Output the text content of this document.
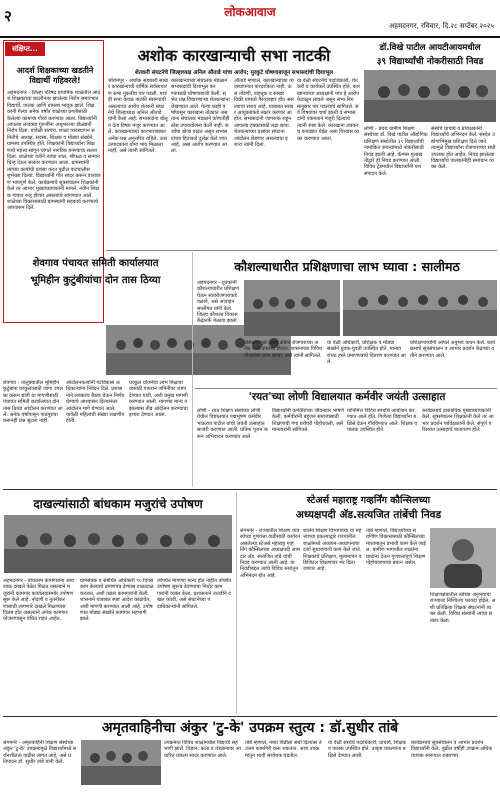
२	लोकआवाज
अहमदनगर, रविवार, दि.२८ सप्टेंबर २०२५
संक्षिप्त...
आदर्श शिक्षकाच्या खडतीने विद्यार्थी गहिवरले!
अहमदनगर - जिल्हा परिषद प्राथमिक शाळेतील आदर्श शिक्षकाच्या बदलीनंतर झालेल्या निरोप समारंभात विद्यार्थी, पालक आणि ग्रामस्थ भावूक झाले. शिक्षकांनी गेल्या अनेक वर्षांत शाळेच्या प्रगतीसाठी केलेल्या कामाचा गौरव करण्यात आला. विद्यार्थ्यांनी आपल्या लाडक्या गुरुजींना अश्रूभरल्या डोळ्यांनी निरोप दिला. यावेळी सरपंच, शाळा व्यवस्थापन समितीचे अध्यक्ष, सदस्य, शिक्षक व मोठ्या संख्येने ग्रामस्थ उपस्थित होते. शिक्षकांनी विद्यार्थ्यांना शिक्षणाचे महत्त्व सांगून चांगले नागरिक बनण्याचा सल्ला दिला. शाळेच्या वतीने त्यांचा शाल, श्रीफळ व सन्मानचिन्ह देऊन सत्कार करण्यात आला. ग्रामस्थांनी त्यांच्या कार्याची प्रशंसा करत पुढील वाटचालीस शुभेच्छा दिल्या. विद्यार्थ्यांनी गीत सादर करून वातावरण भावपूर्ण केले. कार्यक्रमाचे सूत्रसंचालन शिक्षकांनी केले तर आभार मुख्याध्यापकांनी मानले. नवीन शिक्षक गावात रुजू होणार असल्याचे सांगण्यात आले. शाळेच्या विकासासाठी ग्रामस्थांनी सहकार्य करण्याचे आश्वासन दिले.
अशोक कारखान्याची सभा नाटकी
शेतकरी संघटनेचे जिल्हाध्यक्ष अनिल औताडे यांचा आरोप; मुरकुटे घोषणाबाजून सभासदांची दिशाभूल
श्रीरामपूर - अशोक सहकारी साखर कारखान्याची वार्षिक सर्वसाधारण सभा नुकतीच पार पडली. मात्र ही सभा केवळ नाटकी स्वरूपाची असल्याचा आरोप शेतकरी संघटनेचे जिल्हाध्यक्ष अनिल औताडे यांनी केला आहे. सभासदांना बोलू न देता विषय मंजूर करण्यात आले. कारखान्याच्या कारभाराबाबत अनेक प्रश्न अनुत्तरित राहिले. ऊस उत्पादकांना योग्य भाव मिळाला नाही, असे त्यांनी सांगितले.
कारखान्याच्या संचालक मंडळाने सभासदांची दिशाभूल करण्यासाठी घोषणाबाजी केली. सभेत प्रश्न विचारणाऱ्या शेतकऱ्यांना रोखण्यात आले. गेल्या काही वर्षांपासून कारखाना तोट्यात असताना संचालक मंडळाने कोणतीही ठोस उपाययोजना केली नाही. कर्जाचा बोजा वाढत असून सभासदांच्या हिताकडे दुर्लक्ष केले जात आहे, असा आरोप करण्यात आला.
औताडे म्हणाले, कारखान्याच्या व्यवस्थापनात पारदर्शकता नाही. ऊस तोडणी, वाहतूक व साखर विक्री यामध्ये गैरव्यवहार होत असल्याचा संशय आहे. याबाबत साखर आयुक्तांकडे तक्रार करणार आहोत. सभासदांनी जागरूक राहून आपल्या हक्कांसाठी लढा द्यावा. शेतकऱ्यांच्या प्रश्नांवर संघटना आंदोलन छेडणार असल्याचा इशारा त्यांनी दिला.
या वेळी संघटनेचे पदाधिकारी, शेतकरी व कार्यकर्ते उपस्थित होते. कारखान्याच्या अध्यक्षांनी मात्र हे आरोप फेटाळून लावले असून सभा नियमानुसार पार पडल्याचे सांगितले. सर्व विषयांवर चर्चा झाली व सभासदांनी एकमताने मंजुरी दिल्याचे त्यांनी स्पष्ट केले. कारखाना लवकरच फायद्यात येईल असा विश्वास व्यक्त करण्यात आला.
डॉ.विखे पाटील आयटीआयमधील
३९ विद्यार्थ्यांची नोकरीसाठी निवड
लोणी - प्रवरा ग्रामीण शिक्षण संस्थेच्या डॉ. विखे पाटील औद्योगिक प्रशिक्षण संस्थेतील ३९ विद्यार्थ्यांची नामांकित कंपन्यांमध्ये नोकरीसाठी निवड झाली आहे. कॅम्पस मुलाखतीद्वारे ही निवड करण्यात आली. विविध ट्रेडमधील विद्यार्थ्यांनी यश संपादन केले.
संस्थेचे प्राचार्य व प्रशिक्षकांनी विद्यार्थ्यांचे अभिनंदन केले. संस्थेत उद्योगाभिमुख प्रशिक्षण दिले जाते त्यामुळे विद्यार्थ्यांना रोजगाराच्या संधी उपलब्ध होत आहेत. निवड झालेल्या विद्यार्थ्यांचे पालकांनीही समाधान व्यक्त केले.
शेवगाव पंचायत समिती कार्यालयात
भूमिहीन कुटुंबीयांचा दोन तास ठिय्या
शेवगाव - तालुक्यातील भूमिहीन कुटुंबांना घरकुलासाठी जागा उपलब्ध करून द्यावी या मागणीसाठी पंचायत समिती कार्यालयात दोन तास ठिय्या आंदोलन करण्यात आले. अनेक वर्षांपासून पाठपुरावा करूनही प्रश्न सुटला नाही.
आंदोलनकर्त्यांनी गटविकास अधिकाऱ्यांना निवेदन दिले. प्रशासनाने लवकरच बैठक घेऊन निर्णय घेण्याचे आश्वासन दिल्यानंतर आंदोलन मागे घेण्यात आले. यावेळी महिलांची संख्या लक्षणीय होती.
घरकुल योजनेचा लाभ मिळावा यासाठी गायरान जमिनीवर जागा देण्यात यावी, अशी प्रमुख मागणी करण्यात आली. मागण्या मान्य न झाल्यास तीव्र आंदोलन करण्याचा इशारा देण्यात आला.
कौशल्याधारीत प्रशिक्षणाचा लाभ घ्यावा : सालीमठ
अहमदनगर - युवकांनी कौशल्याधारीत प्रशिक्षण घेऊन स्वयंरोजगाराकडे वळावे, असे आवाहन सालीमठ यांनी केले. जिल्हा कौशल्य विकास केंद्रातर्फे मेळावा झाला.
प्रशिक्षणामुळे उद्योग क्षेत्रात रोजगाराच्या अनेक संधी उपलब्ध होतात. शासनाच्या विविध योजनांचा लाभ घ्यावा, असे त्यांनी सांगितले.
या वेळी अधिकारी, प्रशिक्षक व मोठ्या संख्येने युवक-युवती उपस्थित होते. मान्यवरांच्या हस्ते प्रमाणपत्रांचे वितरण करण्यात आले.
प्रशिक्षणार्थ्यांनी आपले अनुभव कथन केले. कार्यक्रमाचे सूत्रसंचालन व आभार प्रदर्शन केंद्राच्या वतीने करण्यात आले.
'रयत'च्या लोणी विद्यालयात कर्मवीर जयंती उत्साहात
लोणी - रयत शिक्षण संस्थेच्या लोणी येथील विद्यालयात पद्मभूषण कर्मवीर भाऊराव पाटील यांची जयंती उत्साहात साजरी करण्यात आली. प्रतिमा पूजन करून अभिवादन करण्यात आले.
विद्यार्थ्यांनी कर्मवीरांच्या जीवनावर भाषणे केली. कर्मवीरांनी बहुजन समाजासाठी शिक्षणाची गंगा घरोघरी पोहोचवली, असे मान्यवरांनी सांगितले.
यानिमित्त विविध स्पर्धांचे आयोजन करण्यात आले होते. विजेत्या विद्यार्थ्यांना बक्षिसे देऊन गौरविण्यात आले. शिक्षक व पालक उपस्थित होते.
कार्यक्रमाचे प्रास्ताविक मुख्याध्यापकांनी केले. सूत्रसंचालन शिक्षकांनी केले तर आभार प्रदर्शन पर्यवेक्षकांनी केले. संपूर्ण परिसरात उत्साहाचे वातावरण होते.
दाखल्यांसाठी बांधकाम मजुरांचे उपोषण
अहमदनगर - बांधकाम कामगारांना आवश्यक दाखले वेळेत मिळत नसल्याने मजुरांनी कामगार कार्यालयासमोर उपोषण सुरू केले आहे. नोंदणी व नूतनीकरणासाठी लागणारे दाखले मिळण्यास विलंब होत असल्याने अनेक कामगार योजनांपासून वंचित राहत आहेत.
ग्रामसेवक व संबंधित अधिकारी ९० दिवस काम केल्याचे प्रमाणपत्र देण्यास टाळाटाळ करतात, अशी तक्रार कामगारांनी केली. शासनाने याबाबत स्पष्ट आदेश काढावेत, अशी मागणी करण्यात आली आहे. उपोषणात मोठ्या संख्येने कामगार सहभागी झाले.
जोपर्यंत मागण्या मान्य होत नाहीत तोपर्यंत उपोषण सुरूच ठेवण्याचा निर्धार कामगारांनी व्यक्त केला. प्रशासनाने तातडीने दखल घ्यावी, असे संघटनेच्या पदाधिकाऱ्यांनी सांगितले.
स्टेअर्स महाराष्ट्र गव्हर्निंग कौन्सिलच्या
अध्यक्षपदी अ‍ॅड.सत्यजित तांबेंची निवड
संगमनेर - राज्यातील शिक्षण व्यवस्थेच्या गुणवत्ता वाढीसाठी कार्यरत असलेल्या स्टेअर्स महाराष्ट्र गव्हर्निंग कौन्सिलच्या अध्यक्षपदी आमदार अ‍ॅड. सत्यजित तांबे यांची निवड करण्यात आली आहे. या निवडीबद्दल त्यांचे विविध स्तरांतून अभिनंदन होत आहे.
शालेय शिक्षण विभागाच्या या महत्त्वाच्या प्रकल्पाद्वारे राज्यातील शाळांमध्ये अध्ययन-अध्यापनाचा दर्जा सुधारण्याचे काम केले जाते. शिक्षकांचे प्रशिक्षण, मूल्यमापन व डिजिटल शिक्षणावर भर दिला जाणार आहे.
तांबे म्हणाले, विद्यार्थ्यांच्या सर्वांगीण विकासासाठी कौन्सिलच्या माध्यमातून प्रभावी काम केले जाईल. ग्रामीण भागातील शाळांना प्राधान्य देऊन गुणवत्तापूर्ण शिक्षण पोहोचवण्याचा प्रयत्न असेल.
शिक्षणक्षेत्रातील त्यांच्या अनुभवाचा राज्याला निश्चितच फायदा होईल, अशी प्रतिक्रिया शिक्षक संघटनांनी व्यक्त केली. विविध संस्थांनी त्यांचा सत्कार केला.
अमृतवाहिनीचा अंकुर 'टु-के' उपक्रम स्तुत्य : डॉ.सुधीर तांबे
संगमनेर - अमृतवाहिनी शिक्षण संस्थेच्या अंकुर 'टु-के' उपक्रमामुळे विद्यार्थ्यांमध्ये सर्जनशीलता वाढीस लागत आहे, असे प्रतिपादन डॉ. सुधीर तांबे यांनी केले.
उपक्रमात विविध शाळांमधील विद्यार्थी सहभागी झाले. विज्ञान, कला व तंत्रज्ञानावर आधारित प्रकल्प सादर करण्यात आले.
तांबे म्हणाले, नव्या पिढीला संधी दिल्यास ते उत्तम कामगिरी करू शकतात. अशा उपक्रमांतून भावी संशोधक घडतील.
या वेळी संस्थेचे पदाधिकारी, प्राचार्य, शिक्षक व पालक उपस्थित होते. उत्कृष्ट प्रकल्पांना बक्षिसे देण्यात आली.
कार्यक्रमाचे सूत्रसंचालन व आभार प्रदर्शन विद्यार्थ्यांनी केले. पुढील वर्षीही उपक्रम अधिक व्यापक स्वरूपात राबवणार.
